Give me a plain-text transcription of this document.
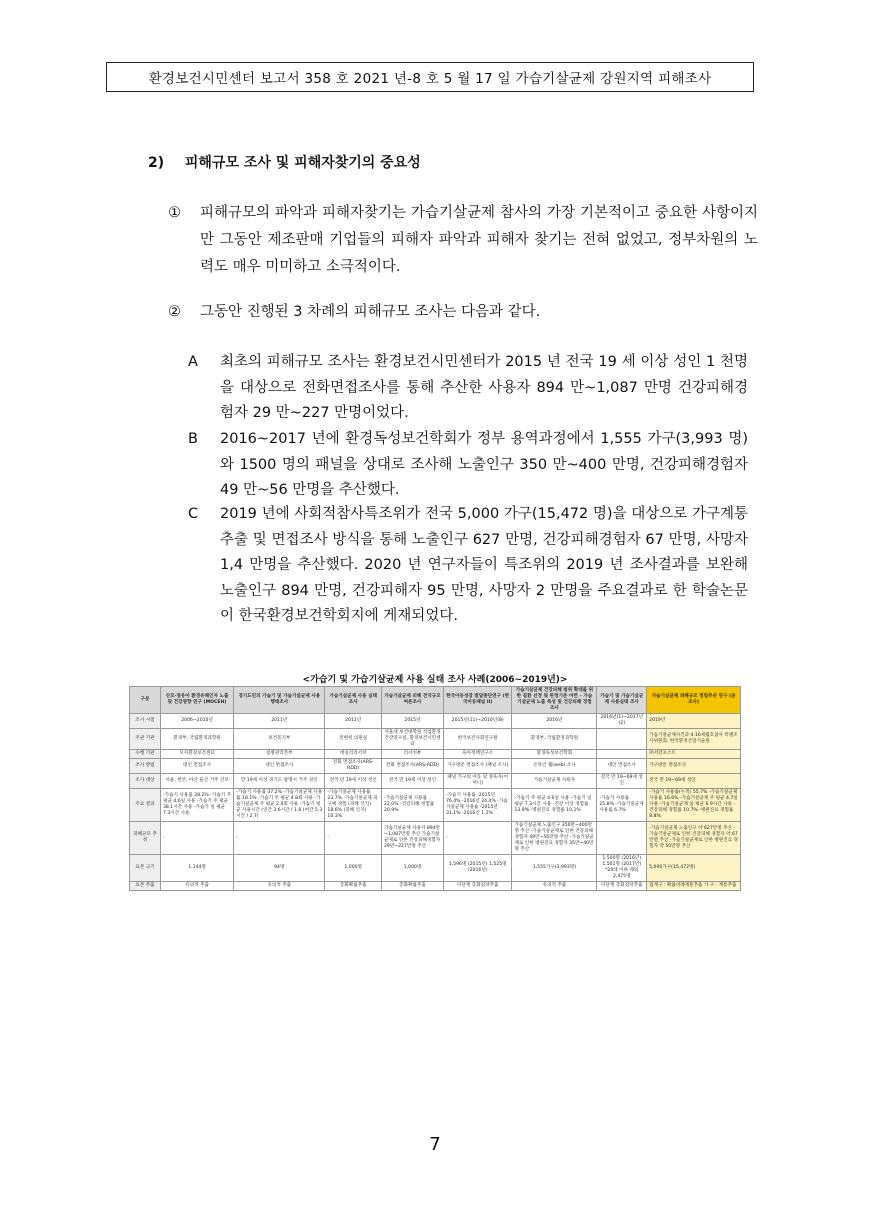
환경보건시민센터 보고서 358 호 2021 년-8 호 5 월 17 일 가습기살균제 강원지역 피해조사
2) 피해규모 조사 및 피해자찾기의 중요성
① 피해규모의 파악과 피해자찾기는 가습기살균제 참사의 가장 기본적이고 중요한 사항이지만 그동안 제조판매 기업들의 피해자 파악과 피해자 찾기는 전혀 없었고, 정부차원의 노력도 매우 미미하고 소극적이다.
② 그동안 진행된 3 차례의 피해규모 조사는 다음과 같다.
A 최초의 피해규모 조사는 환경보건시민센터가 2015 년 전국 19 세 이상 성인 1 천명을 대상으로 전화면접조사를 통해 추산한 사용자 894 만~1,087 만명 건강피해경험자 29 만~227 만명이었다.
B 2016~2017 년에 환경독성보건학회가 정부 용역과정에서 1,555 가구(3,993 명)와 1500 명의 패널을 상대로 조사해 노출인구 350 만~400 만명, 건강피해경험자 49 만~56 만명을 추산했다.
C 2019 년에 사회적참사특조위가 전국 5,000 가구(15,472 명)을 대상으로 가구계통추출 및 면접조사 방식을 통해 노출인구 627 만명, 건강피해경험자 67 만명, 사망자 1,4 만명을 추산했다. 2020 년 연구자들이 특조위의 2019 년 조사결과를 보완해 노출인구 894 만명, 건강피해자 95 만명, 사망자 2 만명을 주요결과로 한 학술논문이 한국환경보건학회지에 게재되었다.
<가습기 및 가습기살균제 사용 실태 조사 사례(2006~2019년)>
구분	산모·영유아 환경유해인자 노출 및 건강영향 연구 (MOCEH)	경기도민의 가습기 및 가습기살균제 사용행태조사	가습기살균제 사용 실태조사	가습기살균제 피해 전국규모 여론조사	한국아동성장 발달종단연구 (한국아동패널 II)	가습기살균제 건강피해 범위 확대를 위한 질환 선정 및 판정기준 마련 – 가습기살균제 노출 특성 및 건강피해 경험 조사	가습기 및 가습기살균제 사용실태 조사	가습기살균제 피해규모 정밀추산 연구 (본 조사)
조사 시점	2006~2010년	2011년	2011년	2015년	2015년(11)~2016년(8)	2016년	2016년(1)~2017년(2)	2019년
주관 기관	환경부, 국립환경과학원	보건복지부	전현희 의원실	서울대 보건대학원 직업환경건강연구실, 환경보건시민센터	한국보건사회연구원	환경부, 국립환경과학원		가습기살균제사건과 4·16세월호참사 특별조사위원회, 한국환경산업기술원
수행 기관	모자환경보건센터	질병관리본부	데일리리서치	리서치뷰	육아정책연구소	환경독성보건학회		㈜서던포스트
조사 방법	대인 면접조사	대인 면접조사	전화 면접조사(ARS-RDD)	전화 면접조사(ARS-RDD)	가구방문 면접조사 (패널 조사)	온라인 웹(web) 조사	대인 면접조사	가구방문 면접조사
조사 대상	서울, 천안, 아산 울산 거주 산모	만 19세 이상 경기도 광명시 거주 성인	전국 만 19세 이상 성인	전국 만 19세 이상 성인	패널 가구의 아동 및 양육자(어머니)	가습기살균제 사용자	전국 만 19~69세 성인	전국 만 19~69세 성인
주요 결과	-가습기 사용률 28.2% -가습기 주 평균 4.6일 사용 -가습기 주 평균 38.1시간 사용 -가습기 일 평균 7.3시간 사용	-가습기 사용률 37.2% -가습기살균제 사용률 18.1% -가습기 주 평균 4.8회 사용 -가습기살균제 주 평균 2.4회 사용 -가습기 평균 사용시간 (연간 3.6시간 / 1.8 (여간 5.3시간 / 2.7)	-가습기살균제 사용률 23.7% -가습기살균제 피구매 경험 (피해 인지) 18.6% (피해 인지) 10.3%	-가습기살균제 사용률 22.0% -건강피해 경험률 20.9%	-가습기 사용률 -2015년 76.4% -2016년 24.4% -가습기살균제 사용률 -2015년 31.1% -2016년 1.2%	-가습기 주 평균 4.6일 사용 -가습기 일 평균 7.3시간 사용 -건강 이상 경험률 13.9% -병원진료 경험률 10.1%	-가습기 사용률 25.8% -가습기살균제 사용률 6.7%	-가습기 사용률(누적) 55.7% -가습기살균제 사용률 16.6% -가습기살균제 주 평균 4.7일 사용 -가습기살균제 일 평균 6.9시간 사용 -건강피해 경험률 10.7% -병원진료 경험률 8.8%
피해규모 추정	-	-	-	가습기살균제 사용자 894만~1,087만명 추산 가습기살균제로 인한 건강피해경험자 29만~227만명 추산	-	가습기살균제 노출인구 350만~400만명 추산 -가습기살균제로 인한 건강피해 경험자 49만~56만명 추산 -가습기살균제로 인한 병원진료 경험자 35만~40만명 추산		-가습기살균제 노출인구 약 627만명 추산 -가습기살균제로 인한 건강피해 경험자 약 67만명 추산 -가습기살균제로 인한 병원진료 경험자 약 50만명 추산
표본 크기	1,144명	94명	1,000명	1,000명	1,596명 (2015년) 1,525명 (2016년)	1,555가구(3,993명)	1,500명 (2016년) 1,501명 (2017년) *20대 이하 제외 2,475명	5,000가구(15,472명)
표본 추출	유의적 추출	유의적 추출	층화확률추출	층화확률추출	다단계 층화집락추출	유의적 추출	다단계 층화집락추출	집계구 : 확률비례계통추출 가 구 : 계통추출
7
